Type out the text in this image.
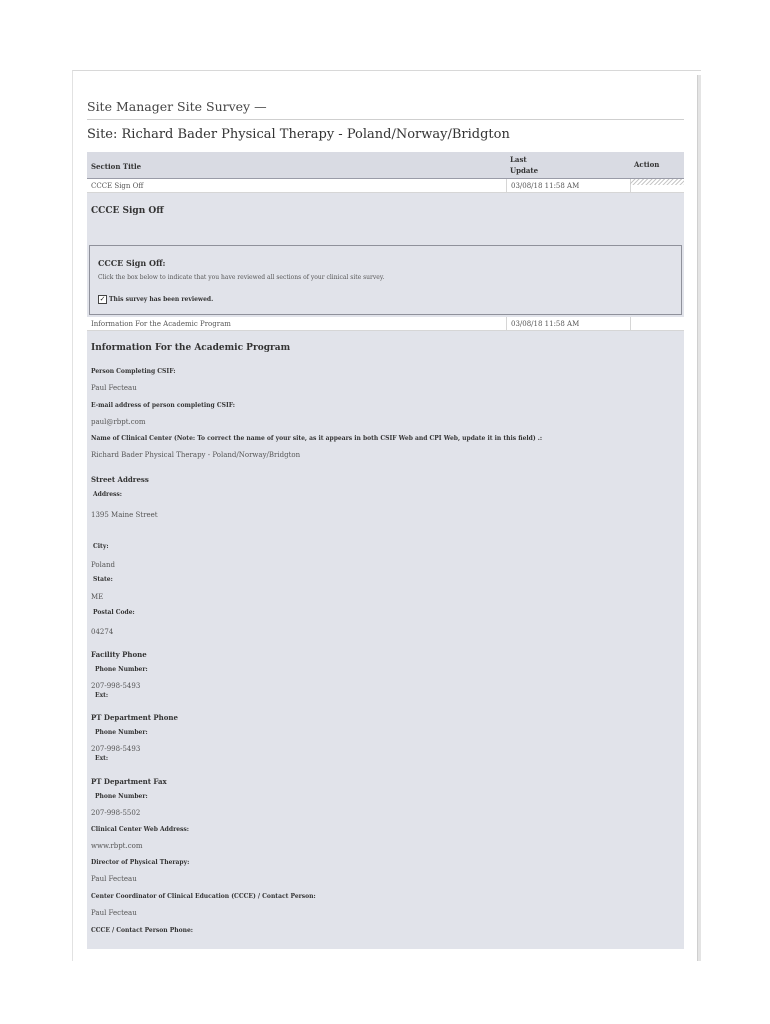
Site Manager Site Survey —

Site: Richard Bader Physical Therapy - Poland/Norway/Bridgton

Section Title
Last
Update
Action
CCCE Sign Off	03/08/18 11:58 AM
CCCE Sign Off
CCCE Sign Off:
Click the box below to indicate that you have reviewed all sections of your clinical site survey.
✓ This survey has been reviewed.
Information For the Academic Program	03/08/18 11:58 AM
Information For the Academic Program
Person Completing CSIF:
Paul Fecteau
E-mail address of person completing CSIF:
paul@rbpt.com
Name of Clinical Center (Note: To correct the name of your site, as it appears in both CSIF Web and CPI Web, update it in this field) .:
Richard Bader Physical Therapy - Poland/Norway/Bridgton
Street Address
Address:
1395 Maine Street
City:
Poland
State:
ME
Postal Code:
04274
Facility Phone
Phone Number:
207-998-5493
Ext:
PT Department Phone
Phone Number:
207-998-5493
Ext:
PT Department Fax
Phone Number:
207-998-5502
Clinical Center Web Address:
www.rbpt.com
Director of Physical Therapy:
Paul Fecteau
Center Coordinator of Clinical Education (CCCE) / Contact Person:
Paul Fecteau
CCCE / Contact Person Phone:
